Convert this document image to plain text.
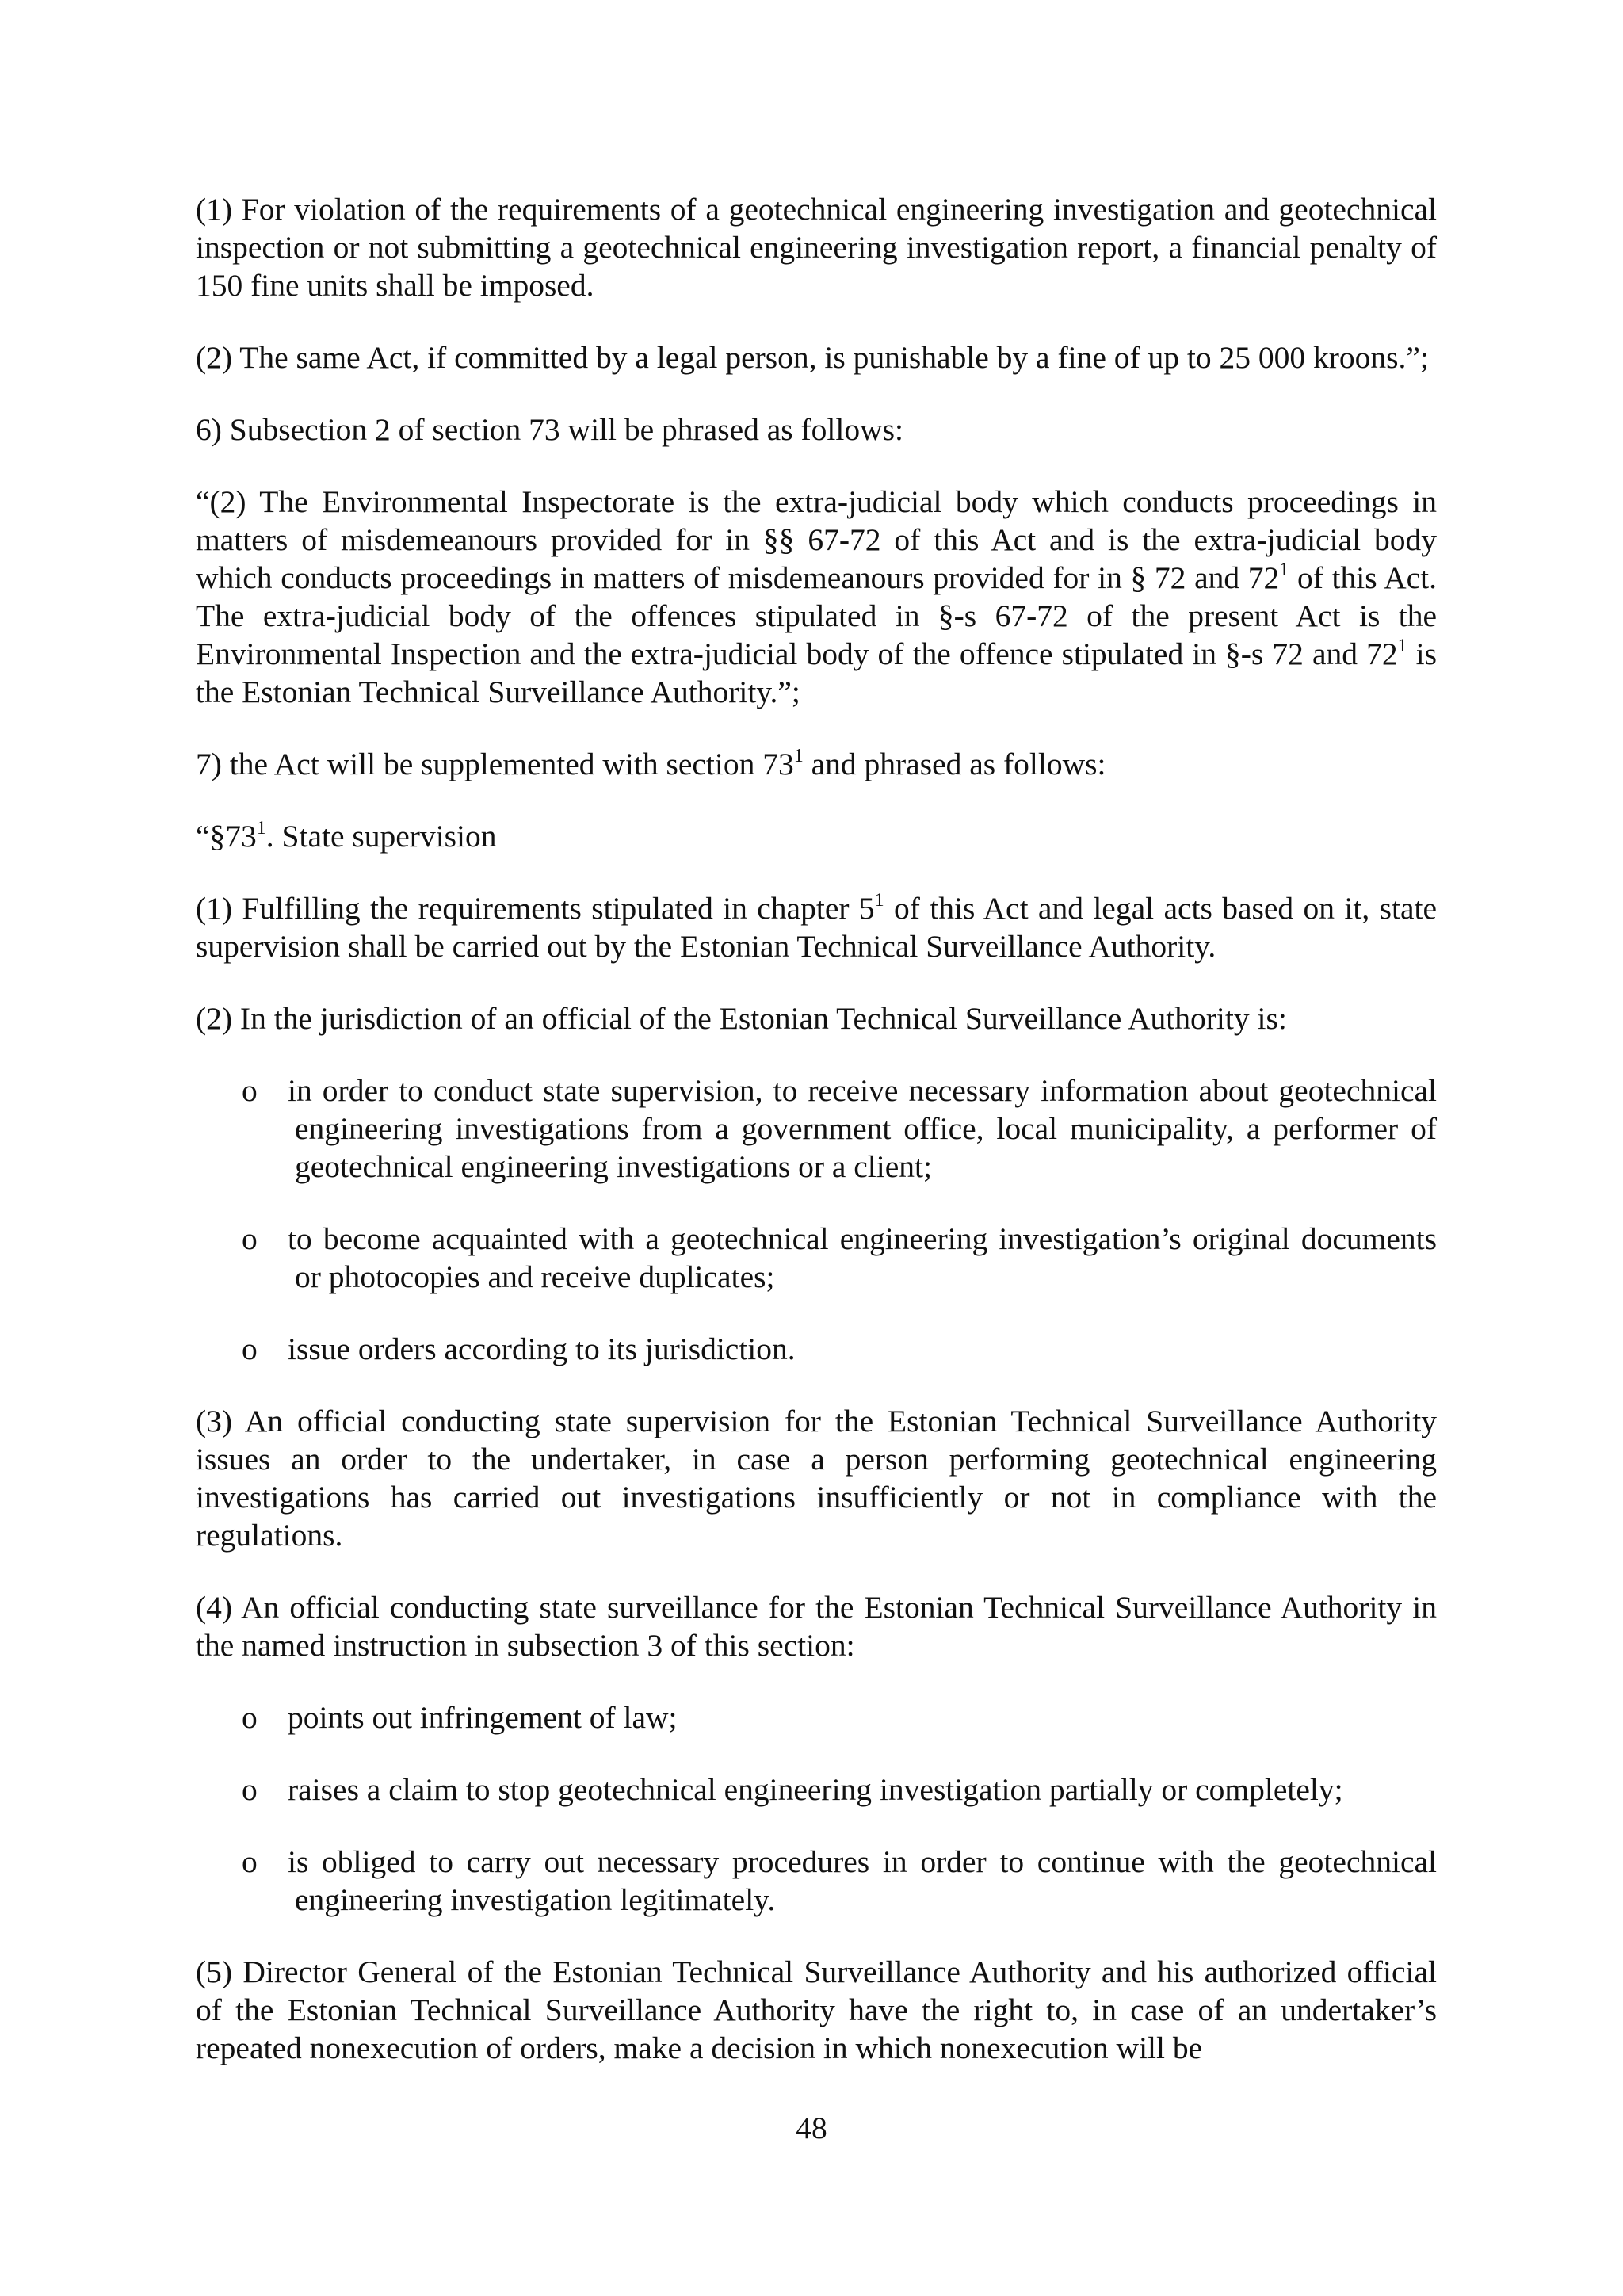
(1) For violation of the requirements of a geotechnical engineering investigation and geotechnical inspection or not submitting a geotechnical engineering investigation report, a financial penalty of 150 fine units shall be imposed.

(2) The same Act, if committed by a legal person, is punishable by a fine of up to 25 000 kroons.”;

6) Subsection 2 of section 73 will be phrased as follows:

“(2) The Environmental Inspectorate is the extra-judicial body which conducts proceedings in matters of misdemeanours provided for in §§ 67-72 of this Act and is the extra-judicial body which conducts proceedings in matters of misdemeanours provided for in § 72 and $72^1$ of this Act. The extra-judicial body of the offences stipulated in §-s 67-72 of the present Act is the Environmental Inspection and the extra-judicial body of the offence stipulated in §-s 72 and $72^1$ is the Estonian Technical Surveillance Authority.”;

7) the Act will be supplemented with section $73^1$ and phrased as follows:

“$\S 73^1$. State supervision

(1) Fulfilling the requirements stipulated in chapter $5^1$ of this Act and legal acts based on it, state supervision shall be carried out by the Estonian Technical Surveillance Authority.

(2) In the jurisdiction of an official of the Estonian Technical Surveillance Authority is:

o in order to conduct state supervision, to receive necessary information about geotechnical engineering investigations from a government office, local municipality, a performer of geotechnical engineering investigations or a client;
o to become acquainted with a geotechnical engineering investigation’s original documents or photocopies and receive duplicates;
o issue orders according to its jurisdiction.

(3) An official conducting state supervision for the Estonian Technical Surveillance Authority issues an order to the undertaker, in case a person performing geotechnical engineering investigations has carried out investigations insufficiently or not in compliance with the regulations.

(4) An official conducting state surveillance for the Estonian Technical Surveillance Authority in the named instruction in subsection 3 of this section:

o points out infringement of law;
o raises a claim to stop geotechnical engineering investigation partially or completely;
o is obliged to carry out necessary procedures in order to continue with the geotechnical engineering investigation legitimately.

(5) Director General of the Estonian Technical Surveillance Authority and his authorized official of the Estonian Technical Surveillance Authority have the right to, in case of an undertaker’s repeated nonexecution of orders, make a decision in which nonexecution will be

48
